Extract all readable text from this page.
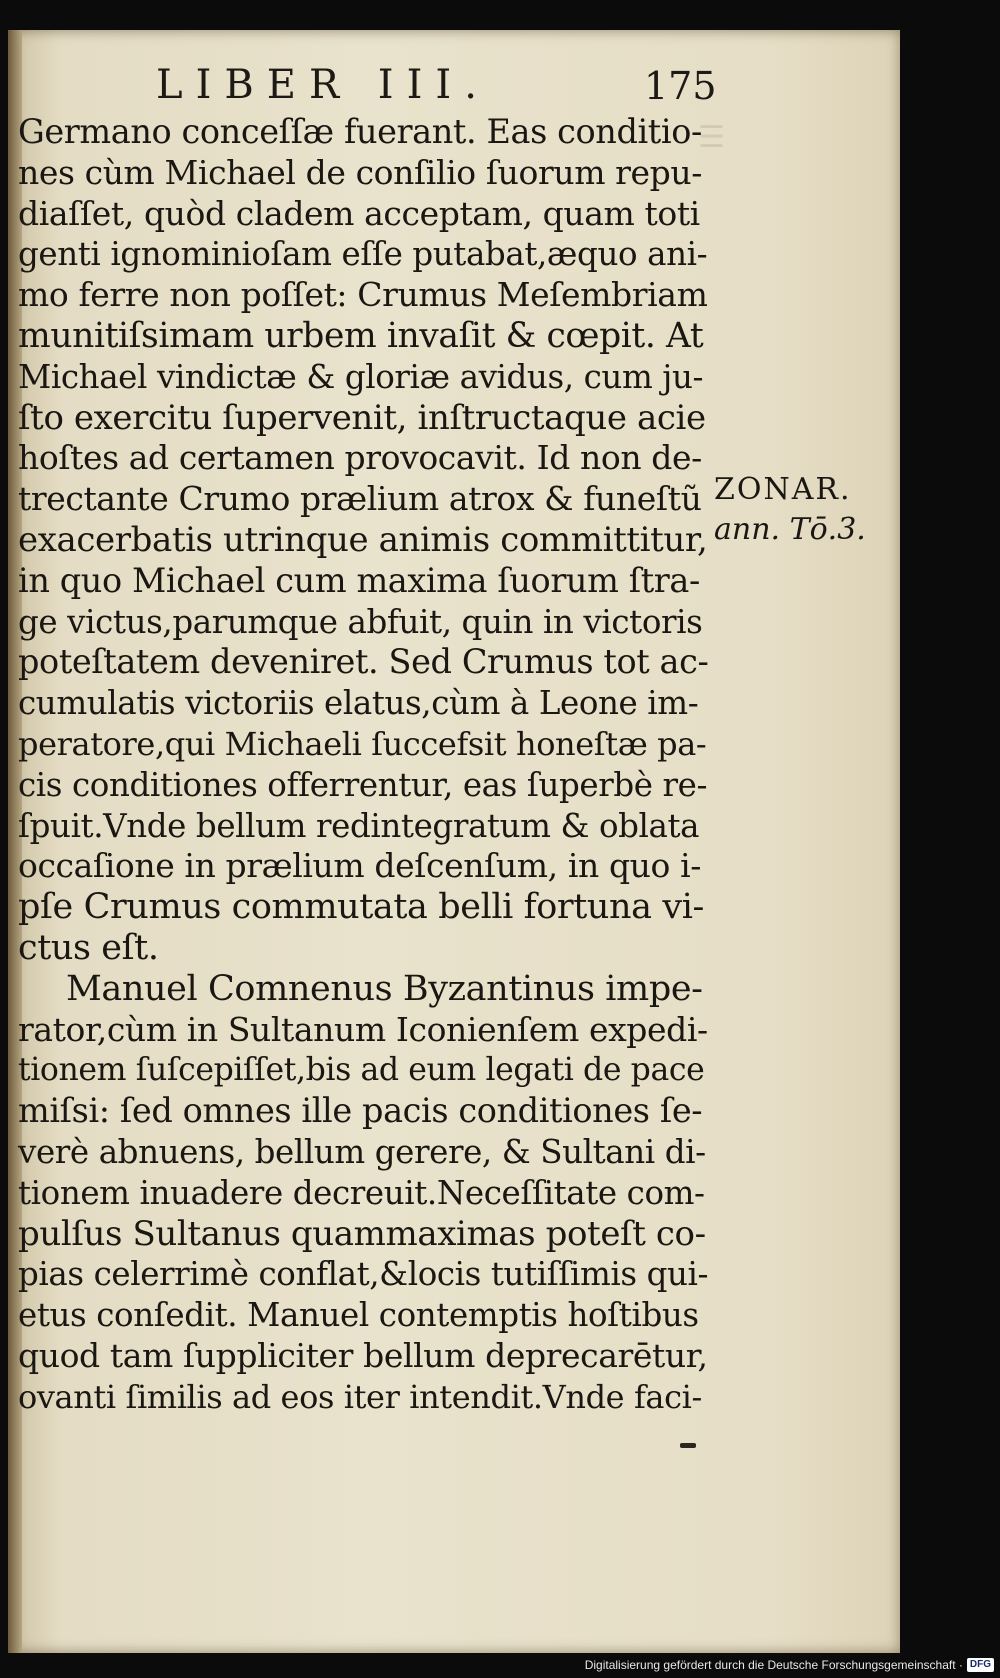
☰
LIBER III.	175
Germano conceſſæ fuerant. Eas conditio-
nes cùm Michael de conſilio ſuorum repu-
diaſſet, quòd cladem acceptam, quam toti
genti ignominioſam eſſe putabat,æquo ani-
mo ferre non poſſet: Crumus Meſembriam
munitiſsimam urbem invaſit & cœpit. At
Michael vindictæ & gloriæ avidus, cum ju-
ſto exercitu ſupervenit, inſtructaque acie
hoſtes ad certamen provocavit. Id non de-
trectante Crumo prælium atrox & funeſtũ
exacerbatis utrinque animis committitur,
in quo Michael cum maxima ſuorum ſtra-
ge victus,parumque abfuit, quin in victoris
poteſtatem deveniret. Sed Crumus tot ac-
cumulatis victoriis elatus,cùm à Leone im-
peratore,qui Michaeli ſuccefsit honeſtæ pa-
cis conditiones offerrentur, eas ſuperbè re-
ſpuit.Vnde bellum redintegratum & oblata
occaſione in prælium deſcenſum, in quo i-
pſe Crumus commutata belli fortuna vi-
ctus eſt.
Manuel Comnenus Byzantinus impe-
rator,cùm in Sultanum Iconienſem expedi-
tionem ſuſcepiſſet,bis ad eum legati de pace
miſsi: ſed omnes ille pacis conditiones ſe-
verè abnuens, bellum gerere, & Sultani di-
tionem inuadere decreuit.Neceſſitate com-
pulſus Sultanus quammaximas poteſt co-
pias celerrimè conflat,&locis tutiſſimis qui-
etus conſedit. Manuel contemptis hoſtibus
quod tam ſuppliciter bellum deprecarētur,
ovanti ſimilis ad eos iter intendit.Vnde faci-
ZONAR.
ann. Tō.3.
Digitalisierung gefördert durch die Deutsche Forschungsgemeinschaft · DFG
